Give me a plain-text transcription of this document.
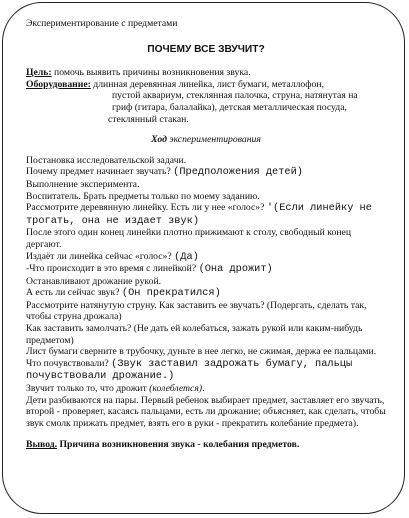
Экспериментирование с предметами

ПОЧЕМУ ВСЕ ЗВУЧИТ?

Цель: помочь выявить причины возникновения звука.

Оборудование: длинная деревянная линейка, лист бумаги, металлофон,

пустой аквариум, стеклянная палочка, струна, натянутая на

гриф (гитара, балалайка), детская металлическая посуда,

стеклянный стакан.

Ход экспериментирования

Постановка исследовательской задачи.

Почему предмет начинает звучать? (Предположения детей)

Выполнение эксперимента.

Воспитатель. Брать предметы только по моему заданию.

Рассмотрите деревянную линейку. Есть ли у нее «голос»? '(Если линейку не трогать, она не издает звук)

После этого один конец линейки плотно прижимают к столу, свободный конец дергают.

Издаёт ли линейка сейчас «голос»? (Да)

-Что происходит в это время с линейкой? (Она дрожит)

Останавливают дрожание рукой.

А есть ли сейчас звук? (Он прекратился)

Рассмотрите натянутую струну. Как заставить ее звучать? (Подергать, сделать так, чтобы струна дрожала)

Как заставить замолчать? (Не дать ей колебаться, зажать рукой или каким-нибудь предметом)

Лист бумаги сверните в трубочку, дуньте в нее легко, не сжимая, держа ее пальцами. Что почувствовали? (Звук заставил задрожать бумагу, пальцы почувствовали дрожание.)

Звучит только то, что дрожит (колеблется).

Дети разбиваются на пары. Первый ребенок выбирает предмет, заставляет его звучать, второй - проверяет, касаясь пальцами, есть ли дрожание; объясняет, как сделать, чтобы звук смолк прижать предмет, взять его в руки - прекратить колебание предмета).

Вывод. Причина возникновения звука - колебания предметов.
